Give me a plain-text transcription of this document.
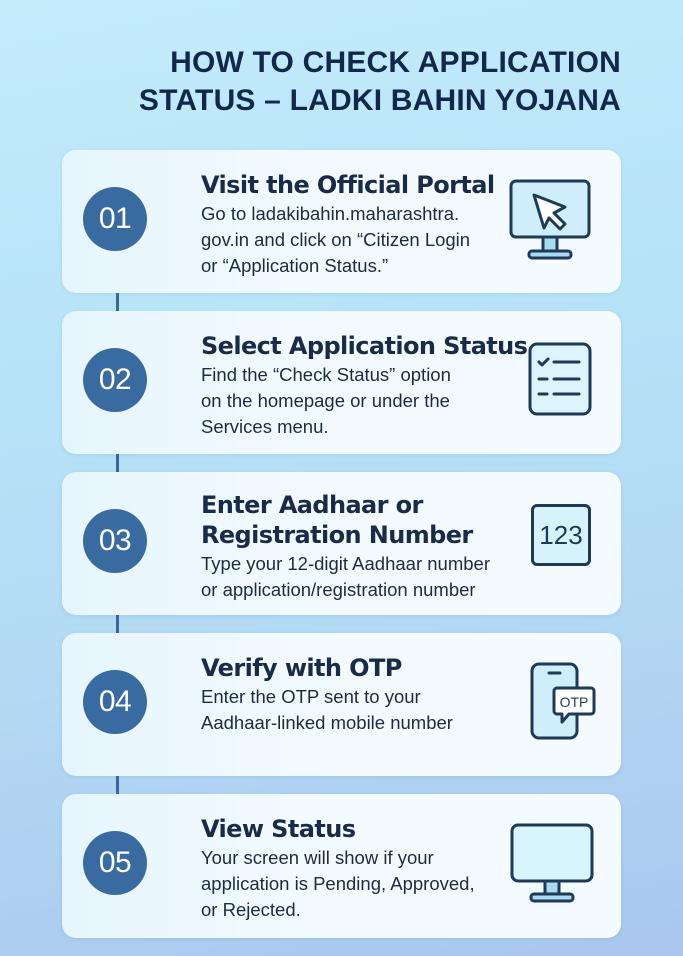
HOW TO CHECK APPLICATION
STATUS – LADKI BAHIN YOJANA
01
Visit the Official Portal
Go to ladakibahin.maharashtra.
gov.in and click on “Citizen Login
or “Application Status.”
02
Select Application Status
Find the “Check Status” option
on the homepage or under the
Services menu.
03
Enter Aadhaar or
Registration Number
Type your 12-digit Aadhaar number
or application/registration number
123
04
Verify with OTP
Enter the OTP sent to your
Aadhaar-linked mobile number
OTP
05
View Status
Your screen will show if your
application is Pending, Approved,
or Rejected.
